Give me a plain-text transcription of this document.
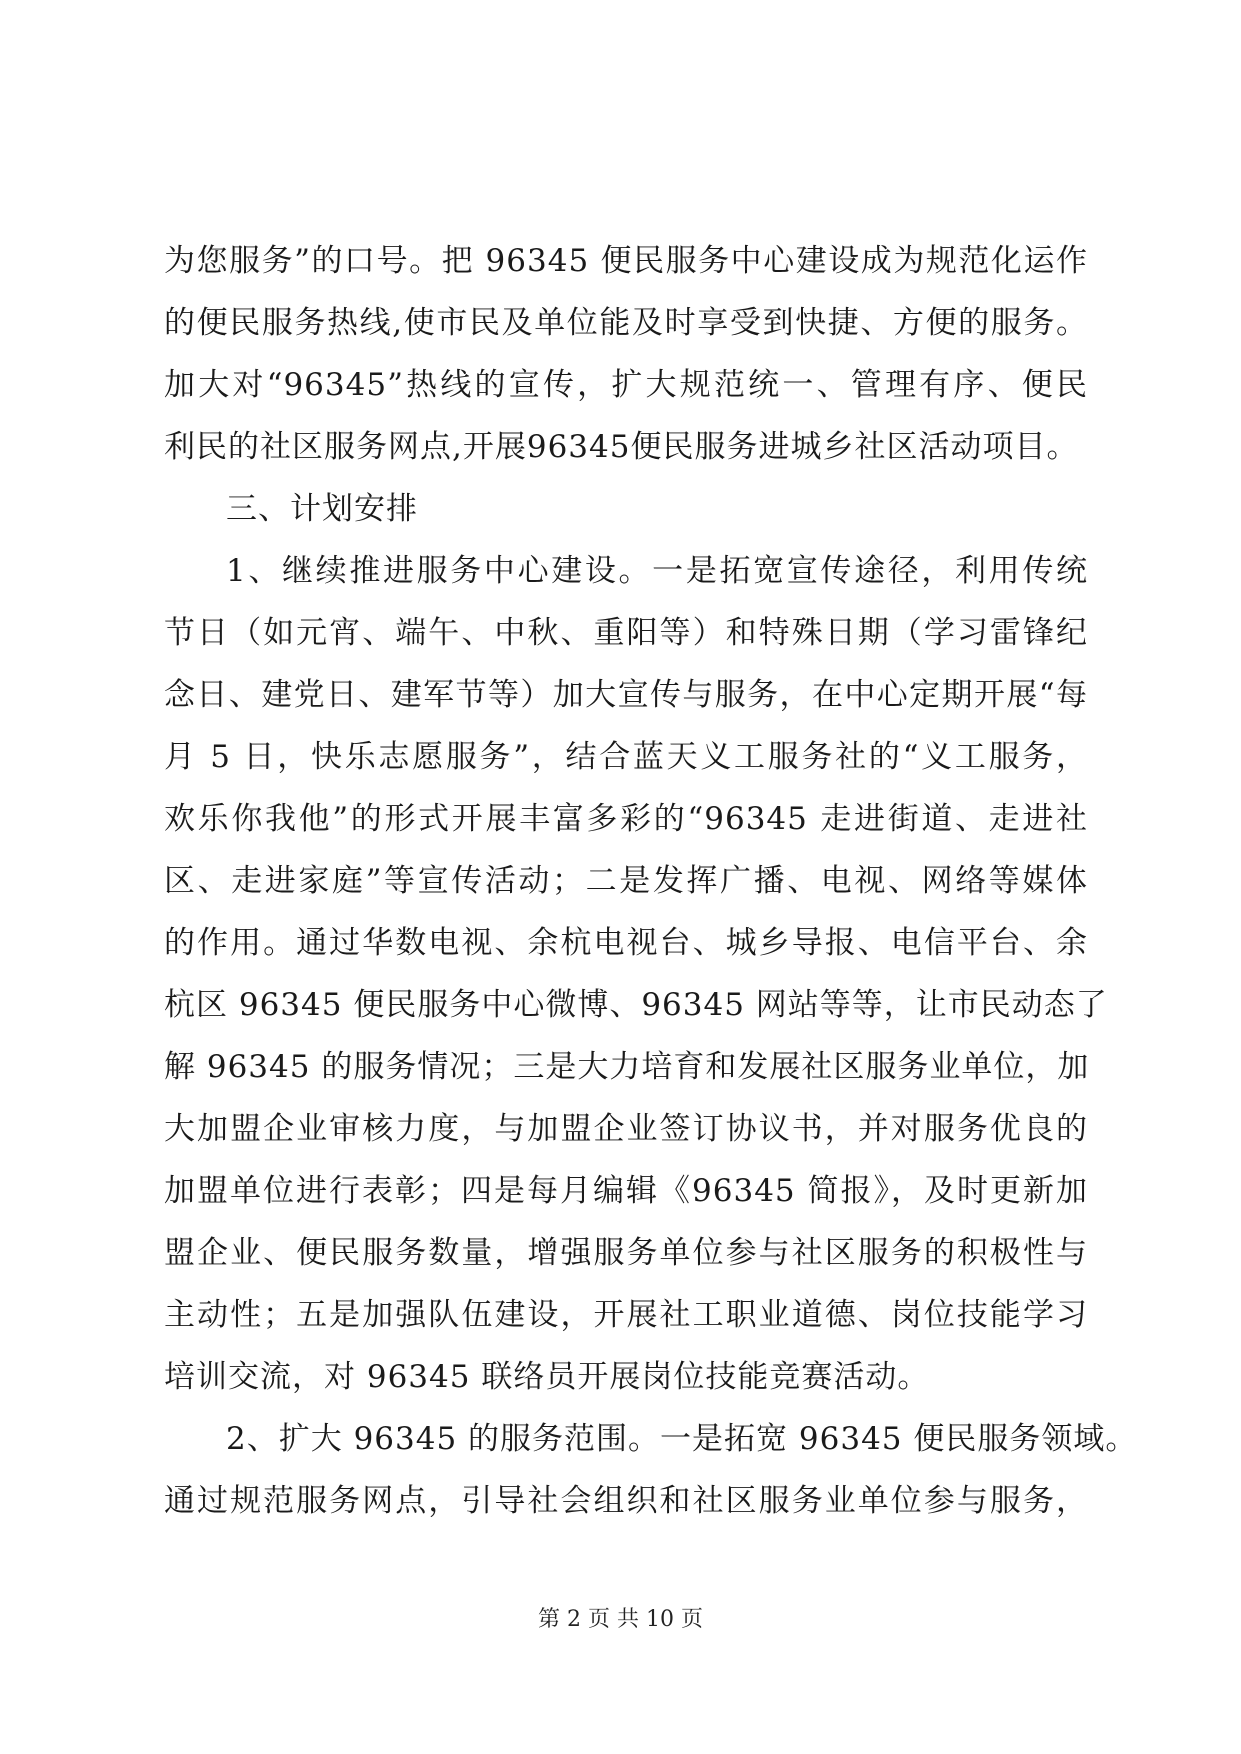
为您服务”的口号。把 96345 便民服务中心建设成为规范化运作
的便民服务热线,使市民及单位能及时享受到快捷、方便的服务。
加大对“96345”热线的宣传，扩大规范统一、管理有序、便民
利民的社区服务网点,开展96345便民服务进城乡社区活动项目。
三、计划安排
1、继续推进服务中心建设。一是拓宽宣传途径，利用传统
节日（如元宵、端午、中秋、重阳等）和特殊日期（学习雷锋纪
念日、建党日、建军节等）加大宣传与服务，在中心定期开展“每
月 5 日，快乐志愿服务”，结合蓝天义工服务社的“义工服务，
欢乐你我他”的形式开展丰富多彩的“96345 走进街道、走进社
区、走进家庭”等宣传活动；二是发挥广播、电视、网络等媒体
的作用。通过华数电视、余杭电视台、城乡导报、电信平台、余
杭区 96345 便民服务中心微博、96345 网站等等，让市民动态了
解 96345 的服务情况；三是大力培育和发展社区服务业单位，加
大加盟企业审核力度，与加盟企业签订协议书，并对服务优良的
加盟单位进行表彰；四是每月编辑《96345 简报》，及时更新加
盟企业、便民服务数量，增强服务单位参与社区服务的积极性与
主动性；五是加强队伍建设，开展社工职业道德、岗位技能学习
培训交流，对 96345 联络员开展岗位技能竞赛活动。
2、扩大 96345 的服务范围。一是拓宽 96345 便民服务领域。
通过规范服务网点，引导社会组织和社区服务业单位参与服务，
第 2 页 共 10 页
